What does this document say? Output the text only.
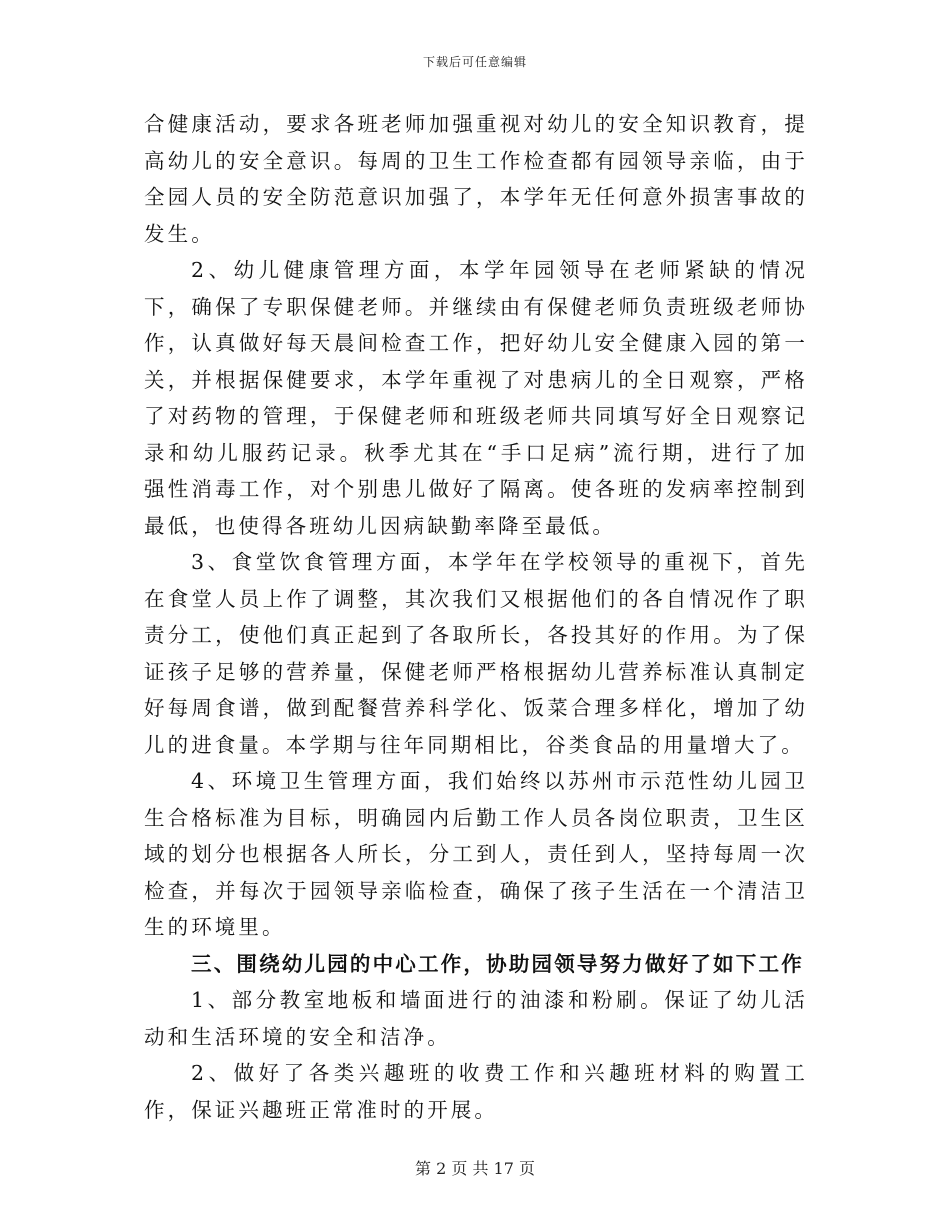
下载后可任意编辑

合健康活动，要求各班老师加强重视对幼儿的安全知识教育，提高幼儿的安全意识。每周的卫生工作检查都有园领导亲临，由于全园人员的安全防范意识加强了，本学年无任何意外损害事故的发生。

2、幼儿健康管理方面，本学年园领导在老师紧缺的情况下，确保了专职保健老师。并继续由有保健老师负责班级老师协作，认真做好每天晨间检查工作，把好幼儿安全健康入园的第一关，并根据保健要求，本学年重视了对患病儿的全日观察，严格了对药物的管理，于保健老师和班级老师共同填写好全日观察记录和幼儿服药记录。秋季尤其在“手口足病”流行期，进行了加强性消毒工作，对个别患儿做好了隔离。使各班的发病率控制到最低，也使得各班幼儿因病缺勤率降至最低。

3、食堂饮食管理方面，本学年在学校领导的重视下，首先在食堂人员上作了调整，其次我们又根据他们的各自情况作了职责分工，使他们真正起到了各取所长，各投其好的作用。为了保证孩子足够的营养量，保健老师严格根据幼儿营养标准认真制定好每周食谱，做到配餐营养科学化、饭菜合理多样化，增加了幼儿的进食量。本学期与往年同期相比，谷类食品的用量增大了。

4、环境卫生管理方面，我们始终以苏州市示范性幼儿园卫生合格标准为目标，明确园内后勤工作人员各岗位职责，卫生区域的划分也根据各人所长，分工到人，责任到人，坚持每周一次检查，并每次于园领导亲临检查，确保了孩子生活在一个清洁卫生的环境里。

三、围绕幼儿园的中心工作，协助园领导努力做好了如下工作

1、部分教室地板和墙面进行的油漆和粉刷。保证了幼儿活动和生活环境的安全和洁净。

2、做好了各类兴趣班的收费工作和兴趣班材料的购置工作，保证兴趣班正常准时的开展。

第 2 页 共 17 页
